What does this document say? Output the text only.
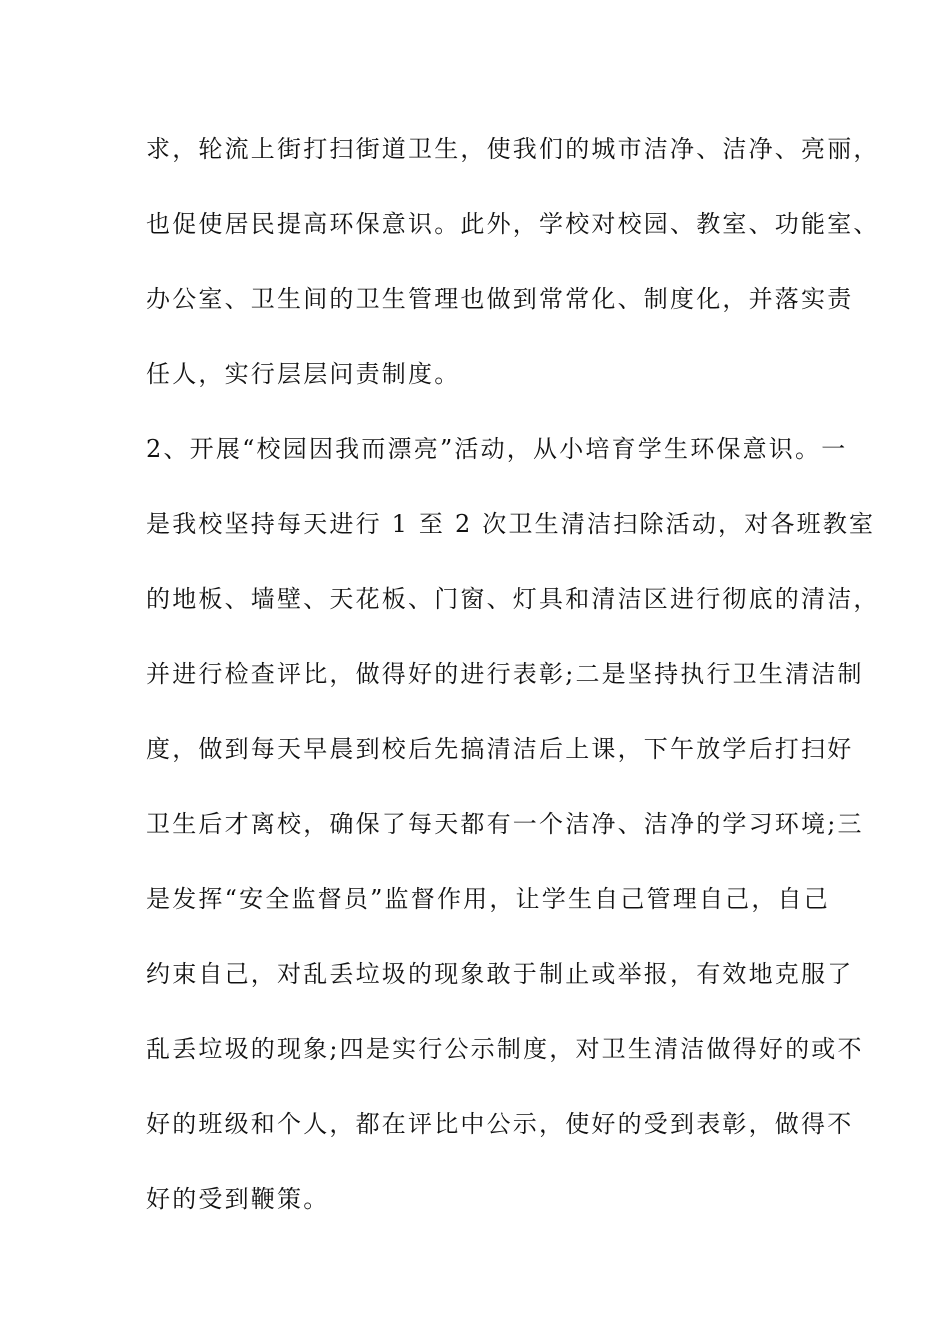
求，轮流上街打扫街道卫生，使我们的城市洁净、洁净、亮丽，
也促使居民提高环保意识。此外，学校对校园、教室、功能室、
办公室、卫生间的卫生管理也做到常常化、制度化，并落实责
任人，实行层层问责制度。
2、开展“校园因我而漂亮”活动，从小培育学生环保意识。一
是我校坚持每天进行 1 至 2 次卫生清洁扫除活动，对各班教室
的地板、墙壁、天花板、门窗、灯具和清洁区进行彻底的清洁，
并进行检查评比，做得好的进行表彰;二是坚持执行卫生清洁制
度，做到每天早晨到校后先搞清洁后上课，下午放学后打扫好
卫生后才离校，确保了每天都有一个洁净、洁净的学习环境;三
是发挥“安全监督员”监督作用，让学生自己管理自己，自己
约束自己，对乱丢垃圾的现象敢于制止或举报，有效地克服了
乱丢垃圾的现象;四是实行公示制度，对卫生清洁做得好的或不
好的班级和个人，都在评比中公示，使好的受到表彰，做得不
好的受到鞭策。
